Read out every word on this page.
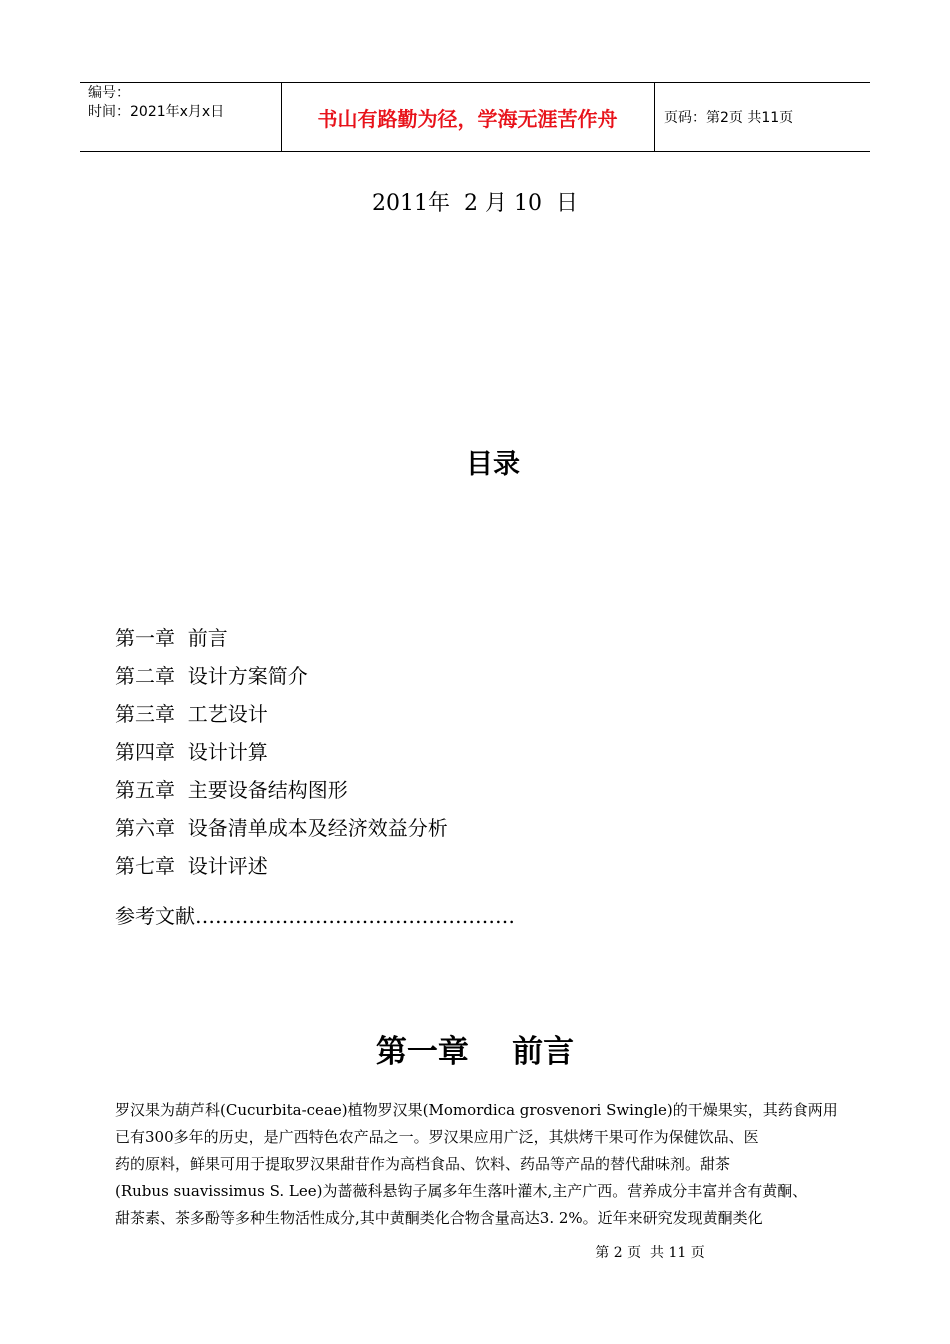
编号：
时间：2021年x月x日	书山有路勤为径，学海无涯苦作舟	页码：第2页 共11页
2011年  2 月 10  日
目录
第一章  前言
第二章  设计方案简介
第三章  工艺设计
第四章  设计计算
第五章  主要设备结构图形
第六章  设备清单成本及经济效益分析
第七章  设计评述
参考文献…………………………………………
第一章    前言
罗汉果为葫芦科(Cucurbita-ceae)植物罗汉果(Momordica grosvenori Swingle)的干燥果实，其药食两用
已有300多年的历史，是广西特色农产品之一。罗汉果应用广泛，其烘烤干果可作为保健饮品、医
药的原料，鲜果可用于提取罗汉果甜苷作为高档食品、饮料、药品等产品的替代甜味剂。甜茶
(Rubus suavissimus S. Lee)为蔷薇科悬钩子属多年生落叶灌木,主产广西。营养成分丰富并含有黄酮、
甜茶素、茶多酚等多种生物活性成分,其中黄酮类化合物含量高达3. 2%。近年来研究发现黄酮类化
第 2 页  共 11 页
